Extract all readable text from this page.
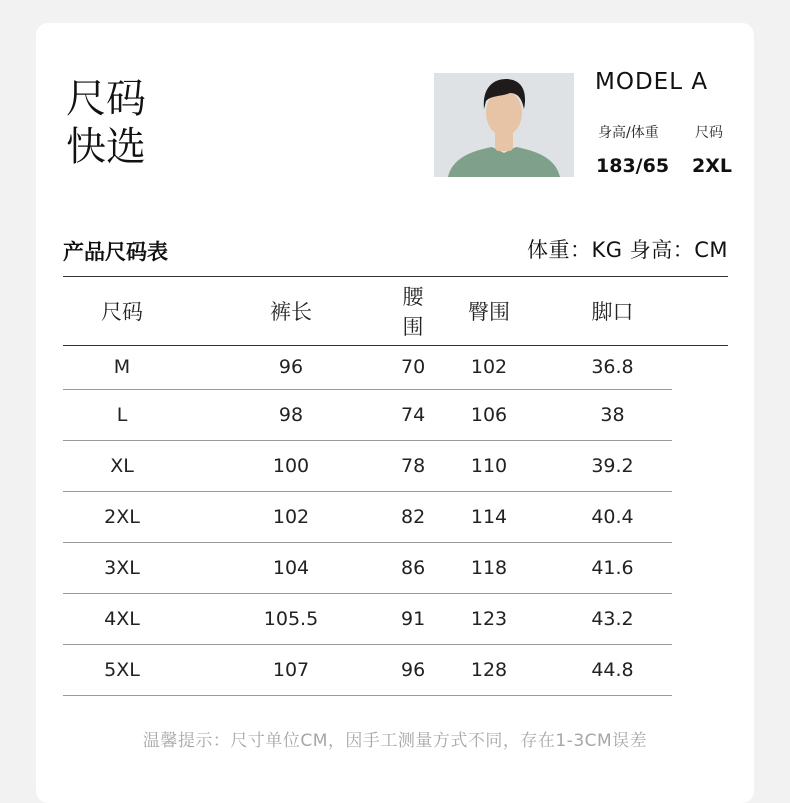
尺码
快选
MODEL A
身高/体重	尺码
183/65 2XL
产品尺码表	体重：KG 身高：CM
尺码	裤长	腰围	臀围	脚口
M	96	70	102	36.8
L	98	74	106	38
XL	100	78	110	39.2
2XL	102	82	114	40.4
3XL	104	86	118	41.6
4XL	105.5	91	123	43.2
5XL	107	96	128	44.8
温馨提示：尺寸单位CM，因手工测量方式不同，存在1-3CM误差
